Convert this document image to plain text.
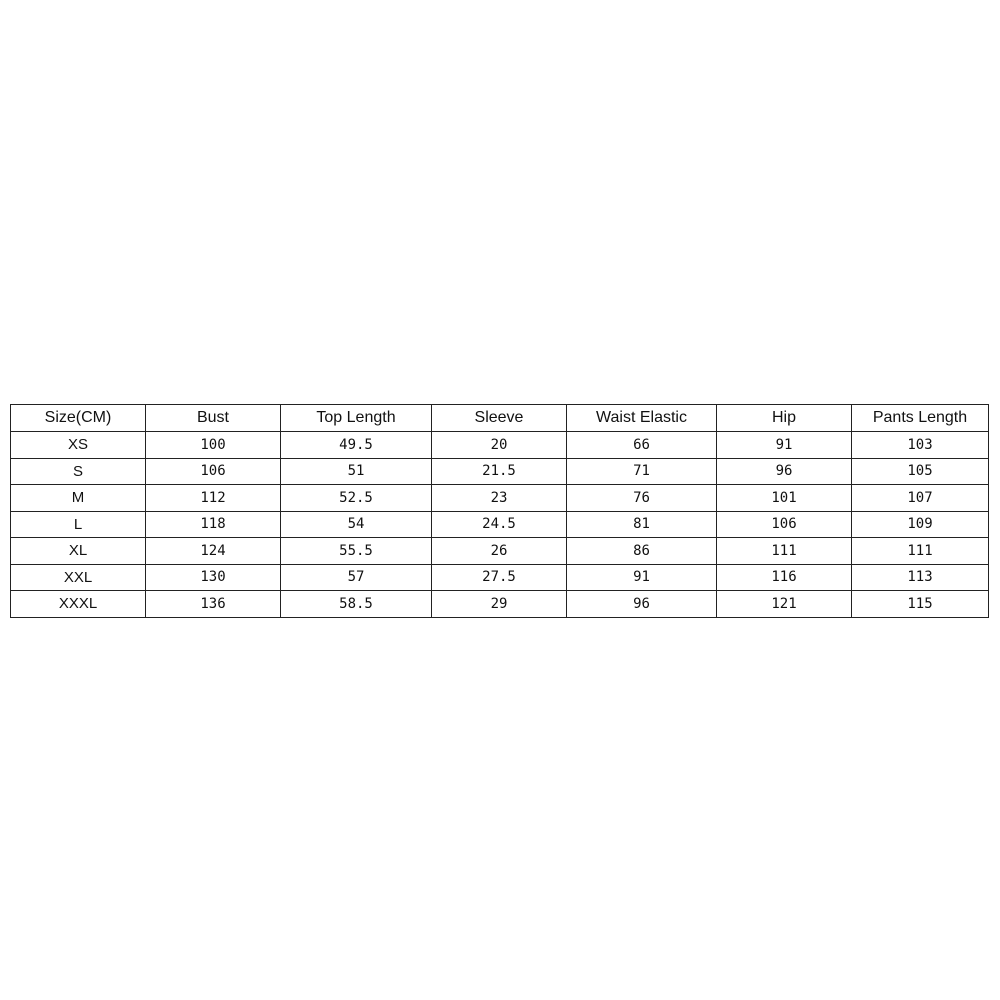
Size(CM)	Bust	Top Length	Sleeve	Waist Elastic	Hip	Pants Length
XS	100	49.5	20	66	91	103
S	106	51	21.5	71	96	105
M	112	52.5	23	76	101	107
L	118	54	24.5	81	106	109
XL	124	55.5	26	86	111	111
XXL	130	57	27.5	91	116	113
XXXL	136	58.5	29	96	121	115
